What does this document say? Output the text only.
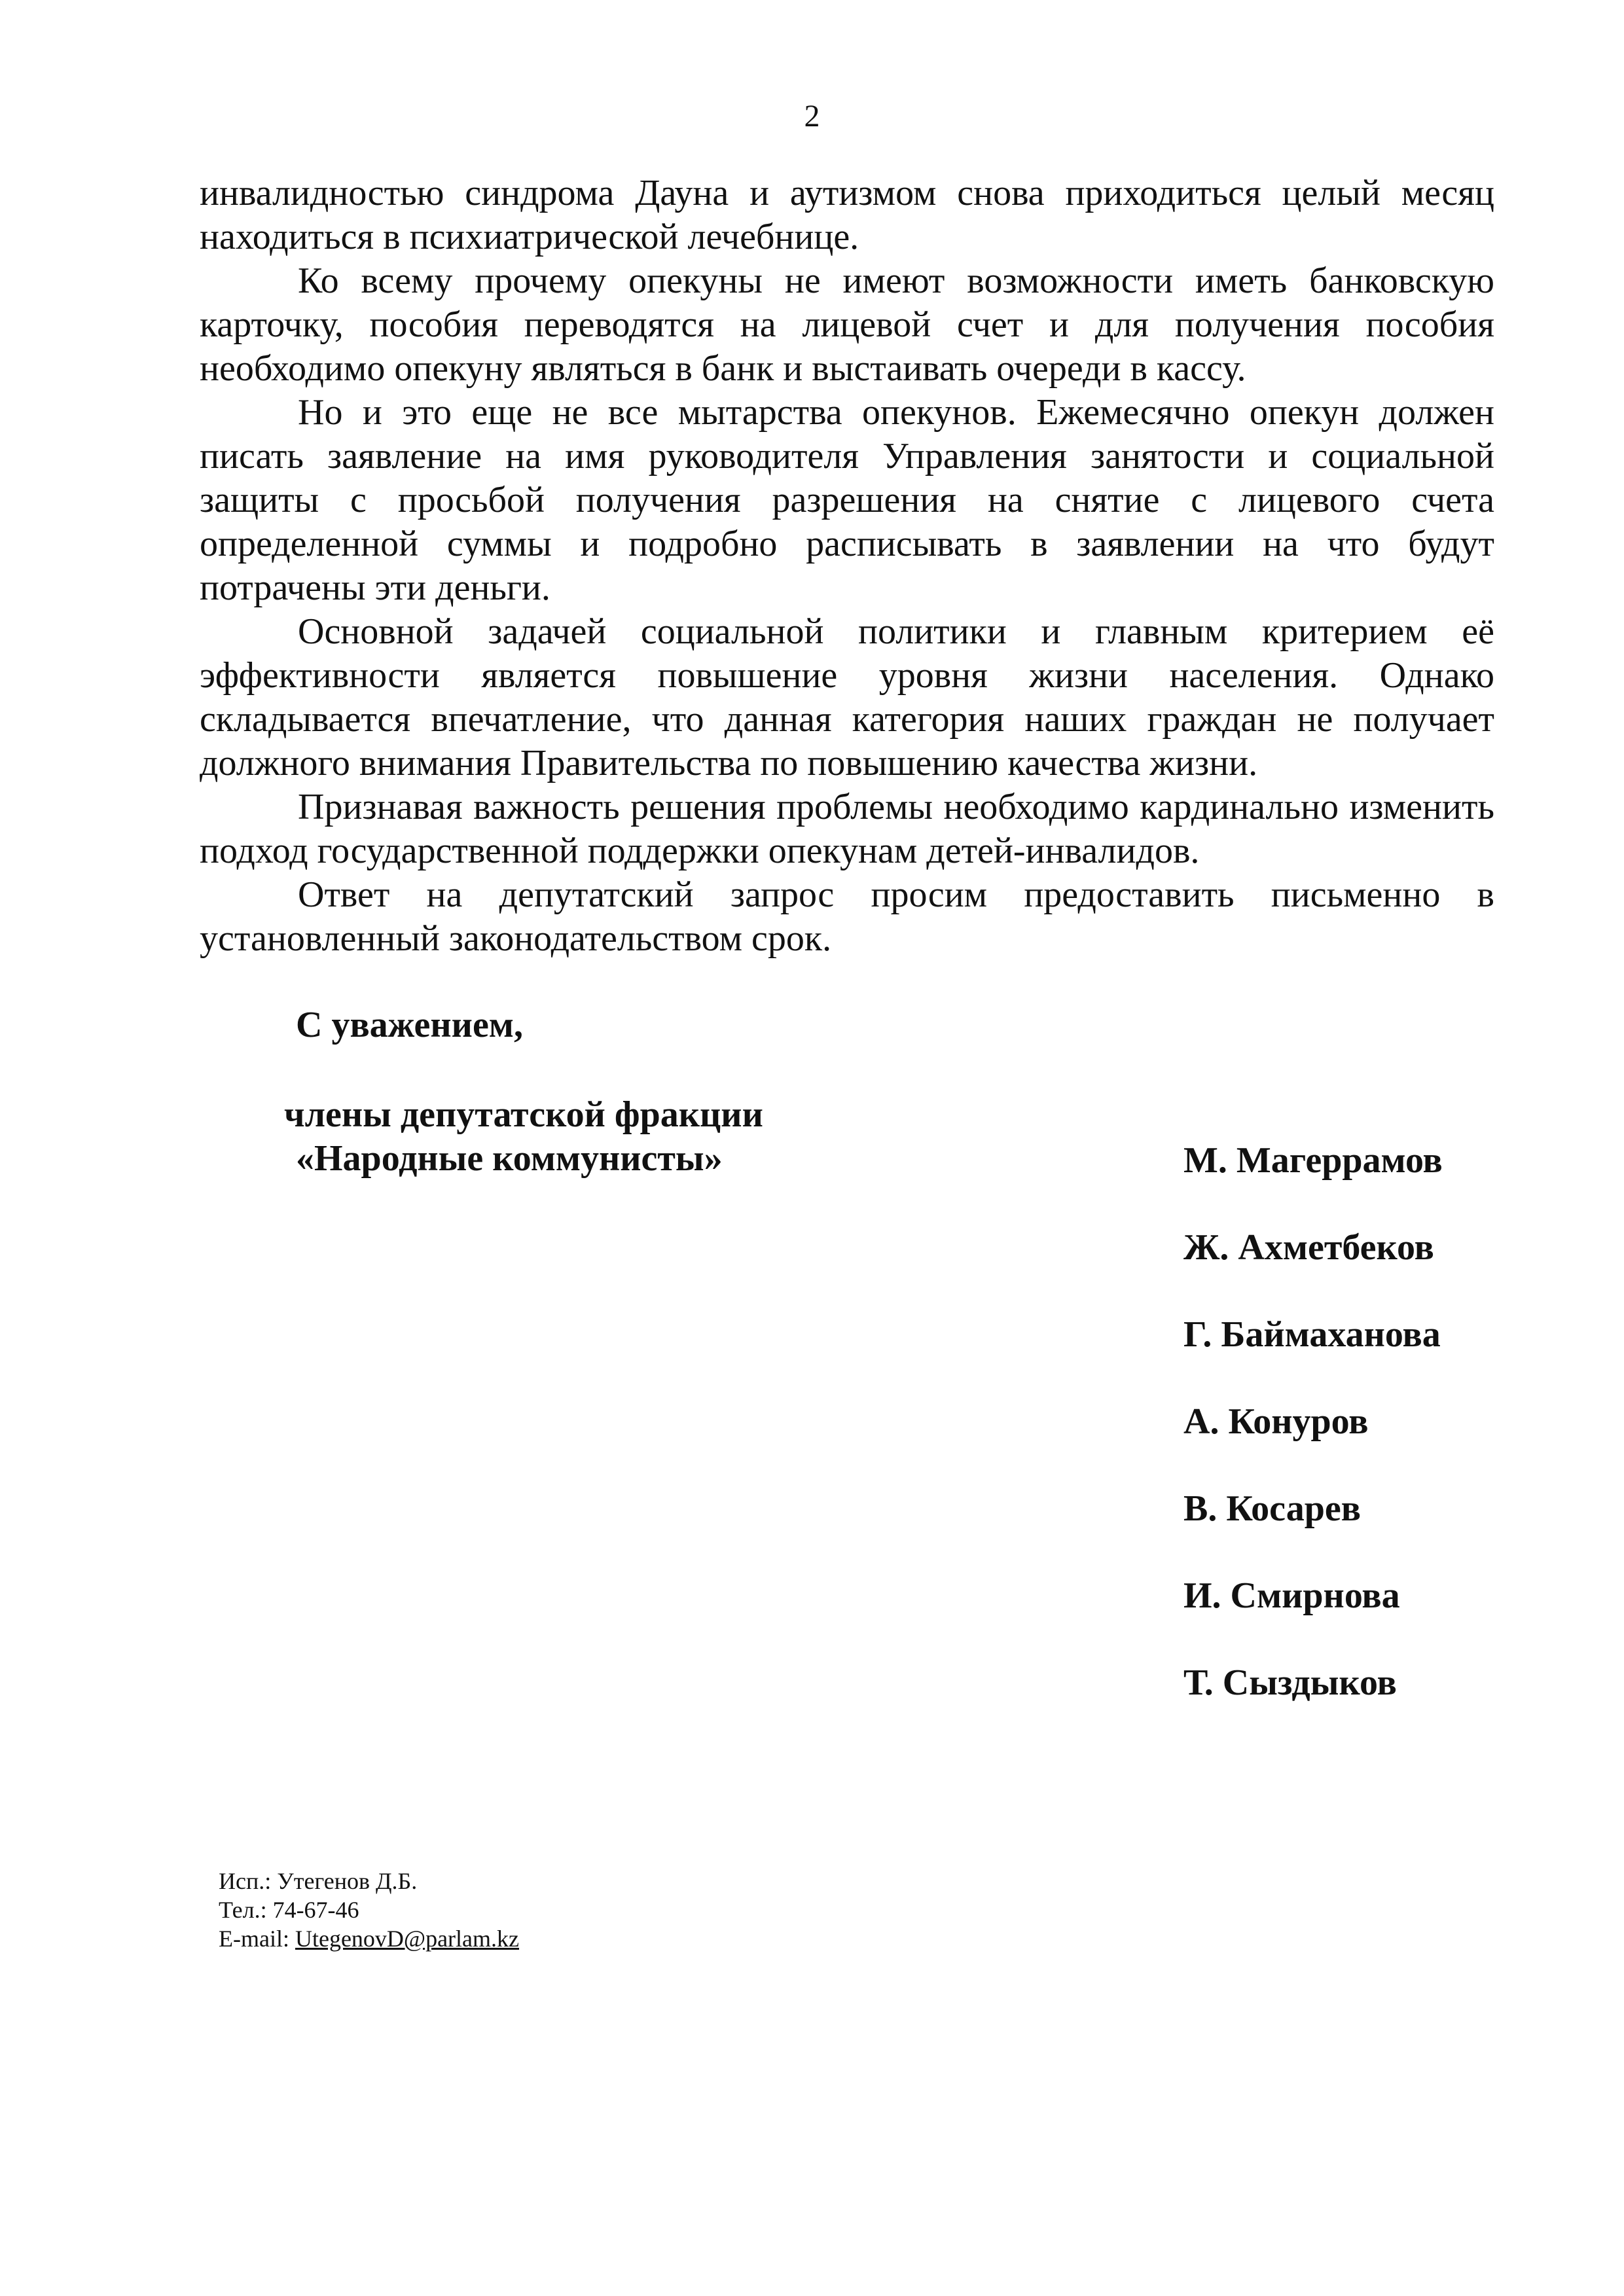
2

инвалидностью синдрома Дауна и аутизмом снова приходиться целый месяц находиться в психиатрической лечебнице.

Ко всему прочему опекуны не имеют возможности иметь банковскую карточку, пособия переводятся на лицевой счет и для получения пособия необходимо опекуну являться в банк и выстаивать очереди в кассу.

Но и это еще не все мытарства опекунов. Ежемесячно опекун должен писать заявление на имя руководителя Управления занятости и социальной защиты с просьбой получения разрешения на снятие с лицевого счета определенной суммы и подробно расписывать в заявлении на что будут потрачены эти деньги.

Основной задачей социальной политики и главным критерием её эффективности является повышение уровня жизни населения. Однако складывается впечатление, что данная категория наших граждан не получает должного внимания Правительства по повышению качества жизни.

Признавая важность решения проблемы необходимо кардинально изменить подход государственной поддержки опекунам детей-инвалидов.

Ответ на депутатский запрос просим предоставить письменно в установленный законодательством срок.

С уважением,
члены депутатской фракции
«Народные коммунисты»	М. Магеррамов
Ж. Ахметбеков
Г. Баймаханова
А. Конуров
В. Косарев
И. Смирнова
Т. Сыздыков
Исп.: Утегенов Д.Б.
Тел.: 74-67-46
E-mail: UtegenovD@parlam.kz
